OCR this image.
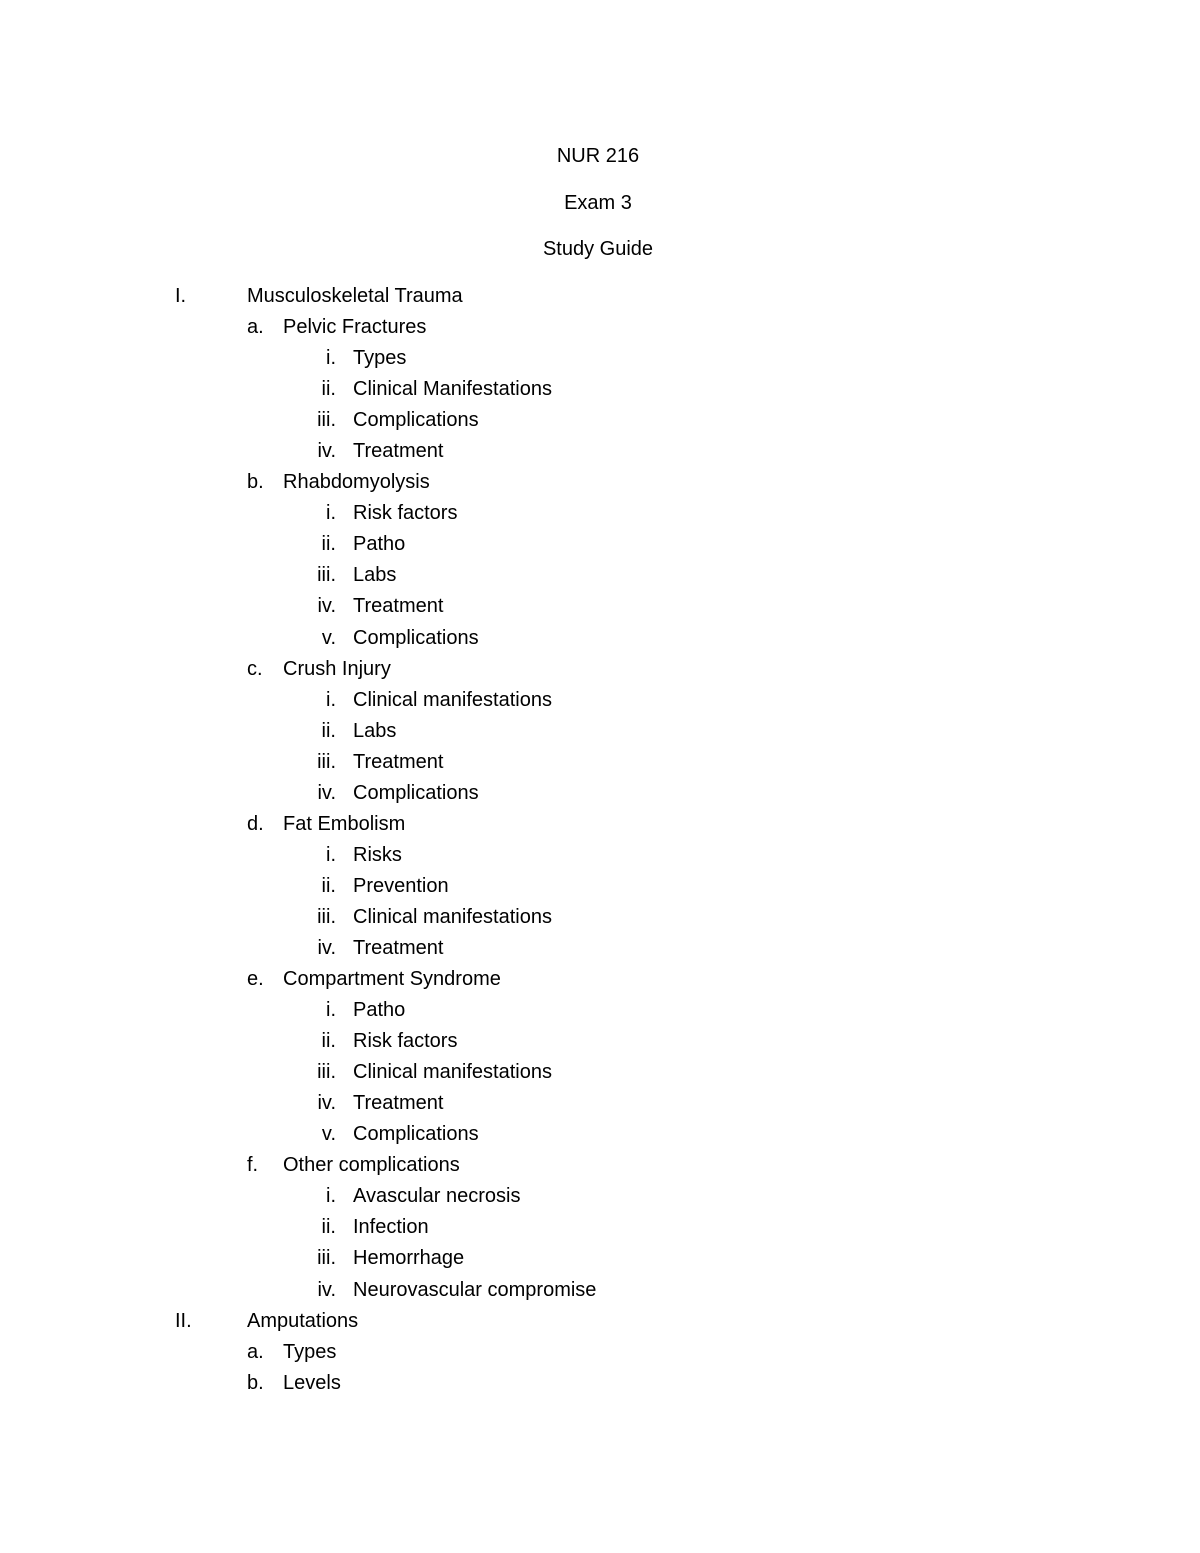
NUR 216
Exam 3
Study Guide
I.	Musculoskeletal Trauma
a. Pelvic Fractures
i. Types
ii. Clinical Manifestations
iii. Complications
iv. Treatment
b. Rhabdomyolysis
i. Risk factors
ii. Patho
iii. Labs
iv. Treatment
v. Complications
c. Crush Injury
i. Clinical manifestations
ii. Labs
iii. Treatment
iv. Complications
d. Fat Embolism
i. Risks
ii. Prevention
iii. Clinical manifestations
iv. Treatment
e. Compartment Syndrome
i. Patho
ii. Risk factors
iii. Clinical manifestations
iv. Treatment
v. Complications
f. Other complications
i. Avascular necrosis
ii. Infection
iii. Hemorrhage
iv. Neurovascular compromise
II.	Amputations
a. Types
b. Levels
